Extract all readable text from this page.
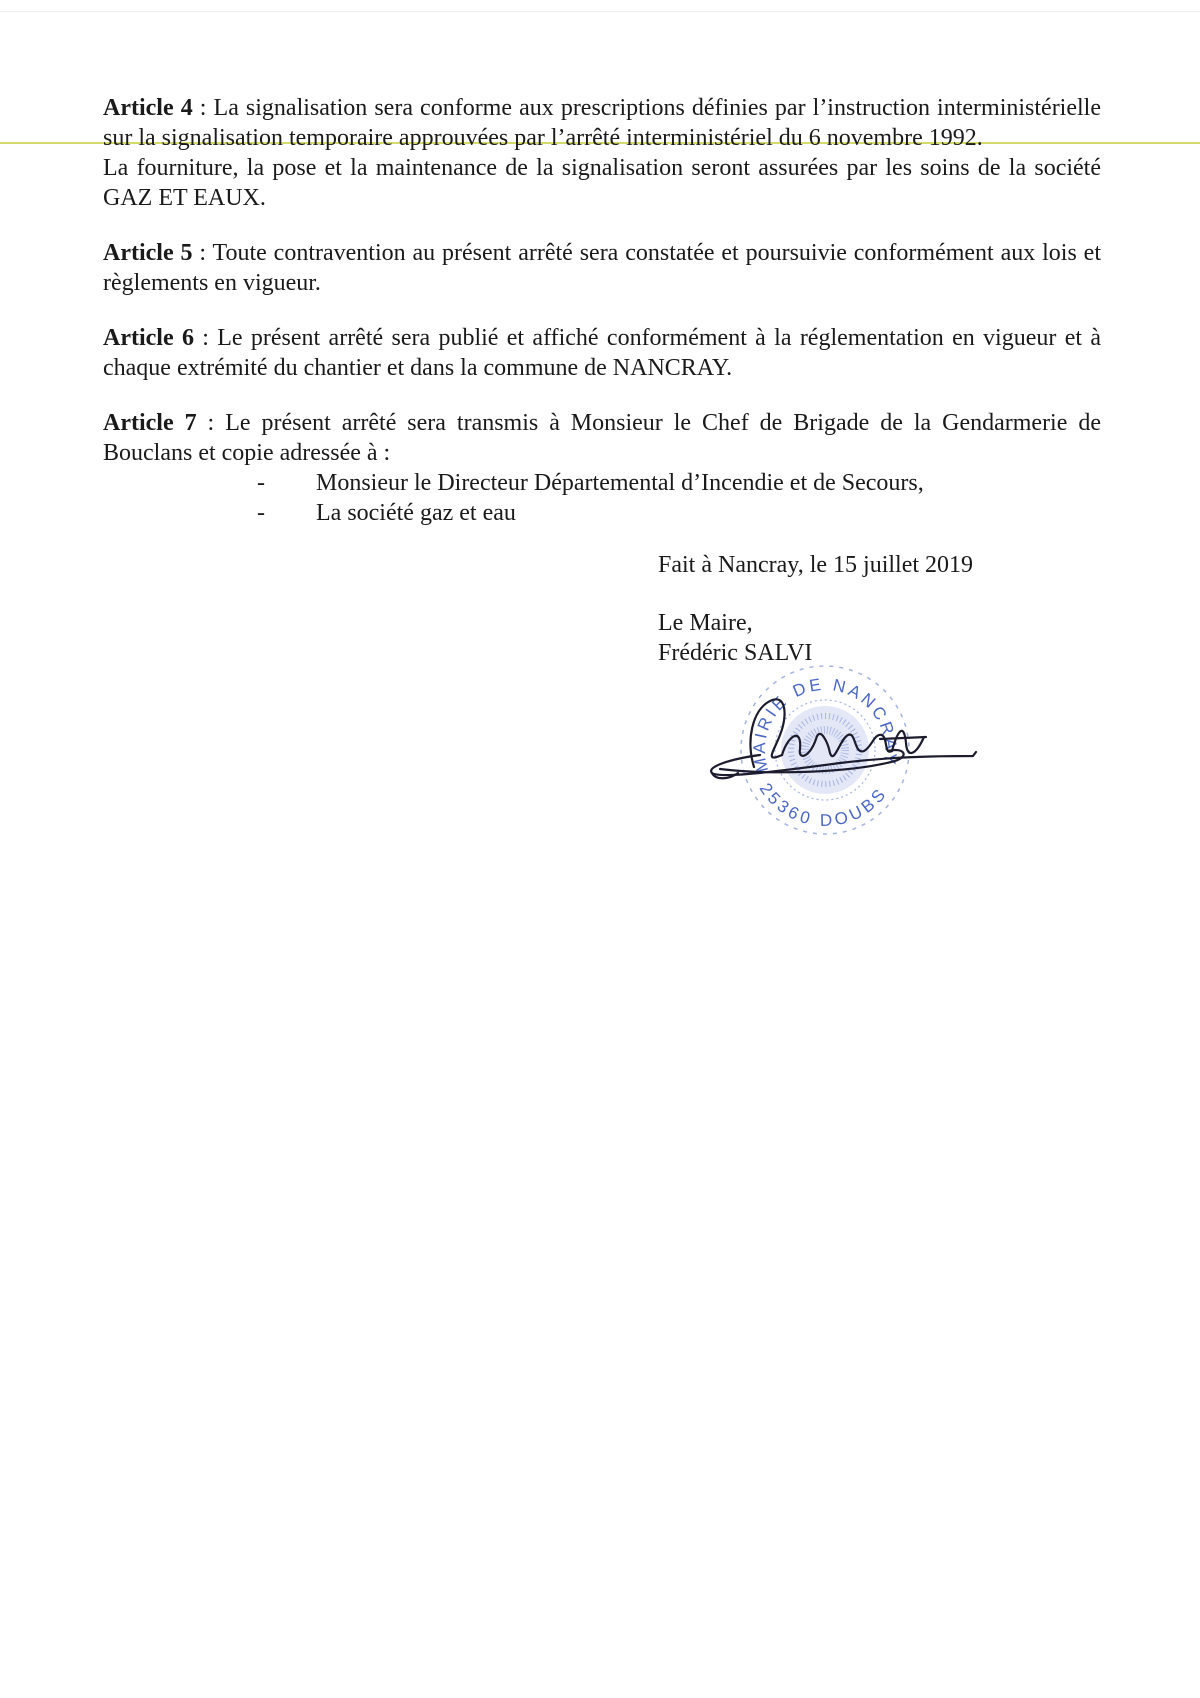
Article 4 : La signalisation sera conforme aux prescriptions définies par l’instruction interministérielle sur la signalisation temporaire approuvées par l’arrêté interministériel du 6 novembre 1992.

La fourniture, la pose et la maintenance de la signalisation seront assurées par les soins de la société GAZ ET EAUX.

Article 5 : Toute contravention au présent arrêté sera constatée et poursuivie conformément aux lois et règlements en vigueur.

Article 6 : Le présent arrêté sera publié et affiché conformément à la réglementation en vigueur et à chaque extrémité du chantier et dans la commune de NANCRAY.

Article 7 : Le présent arrêté sera transmis à Monsieur le Chef de Brigade de la Gendarmerie de Bouclans et copie adressée à :

- Monsieur le Directeur Départemental d’Incendie et de Secours,
- La société gaz et eau
Fait à Nancray, le 15 juillet 2019
Le Maire,
Frédéric SALVI
MAIRIE DE NANCRAY
25360 DOUBS
